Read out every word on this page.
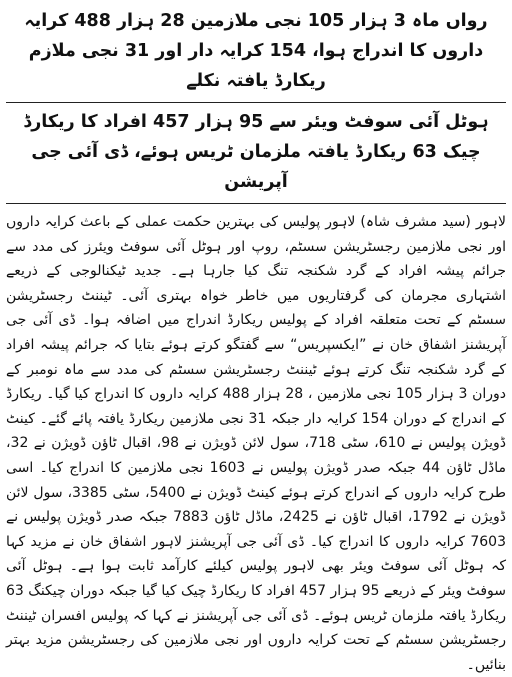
رواں ماہ 3 ہزار 105 نجی ملازمین 28 ہزار 488 کرایہ داروں کا اندراج ہوا، 154 کرایہ دار اور 31 نجی ملازم ریکارڈ یافتہ نکلے

ہوٹل آئی سوفٹ ویئر سے 95 ہزار 457 افراد کا ریکارڈ چیک 63 ریکارڈ یافتہ ملزمان ٹریس ہوئے، ڈی آئی جی آپریشن

لاہور (سید مشرف شاہ) لاہور پولیس کی بہترین حکمت عملی کے باعث کرایہ داروں اور نجی ملازمین رجسٹریشن سسٹم، روپ اور ہوٹل آئی سوفٹ ویئرز کی مدد سے جرائم پیشہ افراد کے گرد شکنجہ تنگ کیا جارہا ہے۔ جدید ٹیکنالوجی کے ذریعے اشتہاری مجرمان کی گرفتاریوں میں خاطر خواہ بہتری آئی۔ ٹیننٹ رجسٹریشن سسٹم کے تحت متعلقہ افراد کے پولیس ریکارڈ اندراج میں اضافہ ہوا۔ ڈی آئی جی آپریشنز اشفاق خان نے ”ایکسپریس“ سے گفتگو کرتے ہوئے بتایا کہ جرائم پیشہ افراد کے گرد شکنجہ تنگ کرتے ہوئے ٹیننٹ رجسٹریشن سسٹم کی مدد سے ماہ نومبر کے دوران 3 ہزار 105 نجی ملازمین ، 28 ہزار 488 کرایہ داروں کا اندراج کیا گیا۔ ریکارڈ کے اندراج کے دوران 154 کرایہ دار جبکہ 31 نجی ملازمین ریکارڈ یافتہ پائے گئے۔ کینٹ ڈویژن پولیس نے 610، سٹی 718، سول لائن ڈویژن نے 98، اقبال ٹاؤن ڈویژن نے 32، ماڈل ٹاؤن 44 جبکہ صدر ڈویژن پولیس نے 1603 نجی ملازمین کا اندراج کیا۔ اسی طرح کرایہ داروں کے اندراج کرتے ہوئے کینٹ ڈویژن نے 5400، سٹی 3385، سول لائن ڈویژن نے 1792، اقبال ٹاؤن نے 2425، ماڈل ٹاؤن 7883 جبکہ صدر ڈویژن پولیس نے 7603 کرایہ داروں کا اندراج کیا۔ ڈی آئی جی آپریشنز لاہور اشفاق خان نے مزید کہا کہ ہوٹل آئی سوفٹ ویئر بھی لاہور پولیس کیلئے کارآمد ثابت ہوا ہے۔ ہوٹل آئی سوفٹ ویئر کے ذریعے 95 ہزار 457 افراد کا ریکارڈ چیک کیا گیا جبکہ دوران چیکنگ 63 ریکارڈ یافتہ ملزمان ٹریس ہوئے۔ ڈی آئی جی آپریشنز نے کہا کہ پولیس افسران ٹیننٹ رجسٹریشن سسٹم کے تحت کرایہ داروں اور نجی ملازمین کی رجسٹریشن مزید بہتر بنائیں۔
